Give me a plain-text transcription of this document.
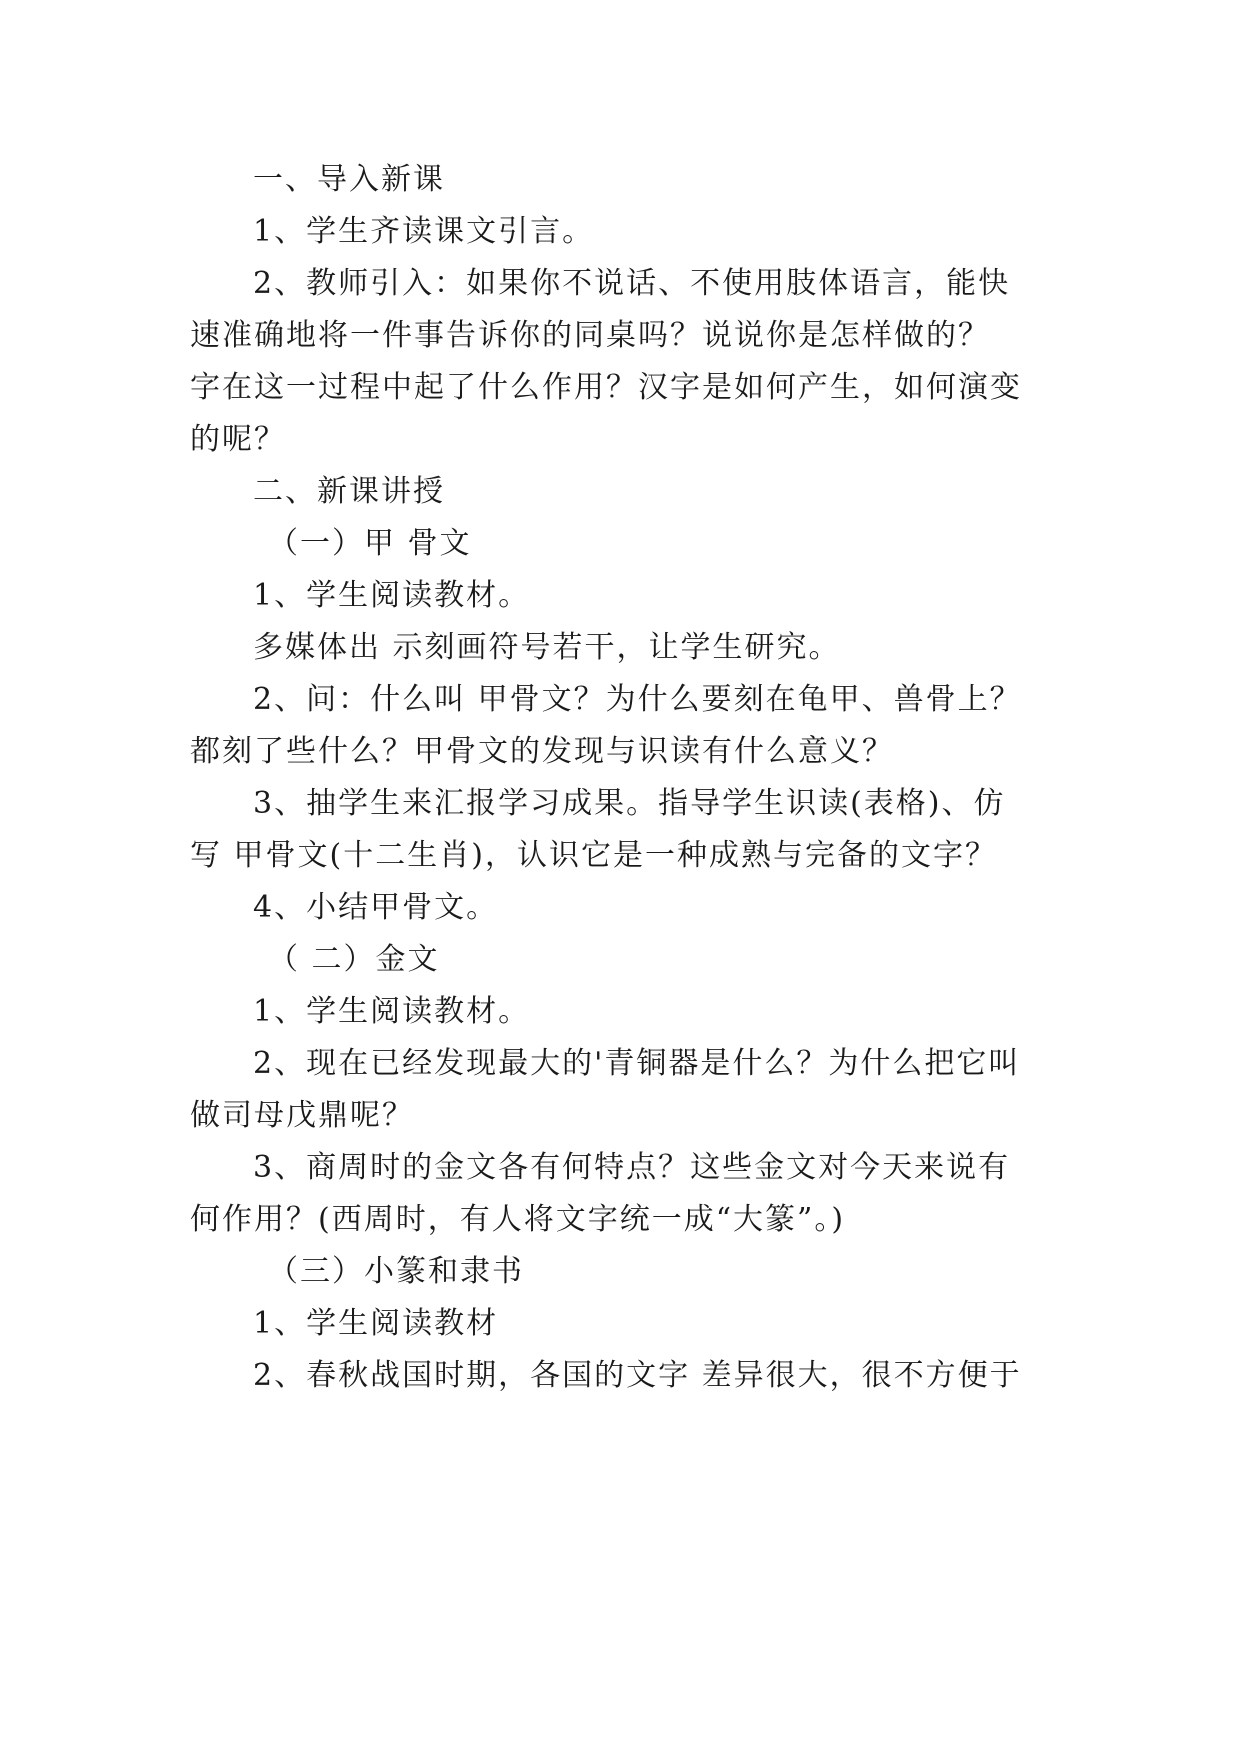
一、导入新课
1、学生齐读课文引言。
2、教师引入：如果你不说话、不使用肢体语言，能快
速准确地将一件事告诉你的同桌吗？说说你是怎样做的？
字在这一过程中起了什么作用？汉字是如何产生，如何演变
的呢？
二、新课讲授
（一）甲 骨文
1、学生阅读教材。
多媒体出 示刻画符号若干，让学生研究。
2、问：什么叫 甲骨文？为什么要刻在龟甲、兽骨上？
都刻了些什么？甲骨文的发现与识读有什么意义？
3、抽学生来汇报学习成果。指导学生识读(表格)、仿
写 甲骨文(十二生肖)，认识它是一种成熟与完备的文字？
4、小结甲骨文。
（ 二）金文
1、学生阅读教材。
2、现在已经发现最大的'青铜器是什么？为什么把它叫
做司母戊鼎呢？
3、商周时的金文各有何特点？这些金文对今天来说有
何作用？(西周时，有人将文字统一成“大篆”。)
（三）小篆和隶书
1、学生阅读教材
2、春秋战国时期，各国的文字 差异很大，很不方便于
